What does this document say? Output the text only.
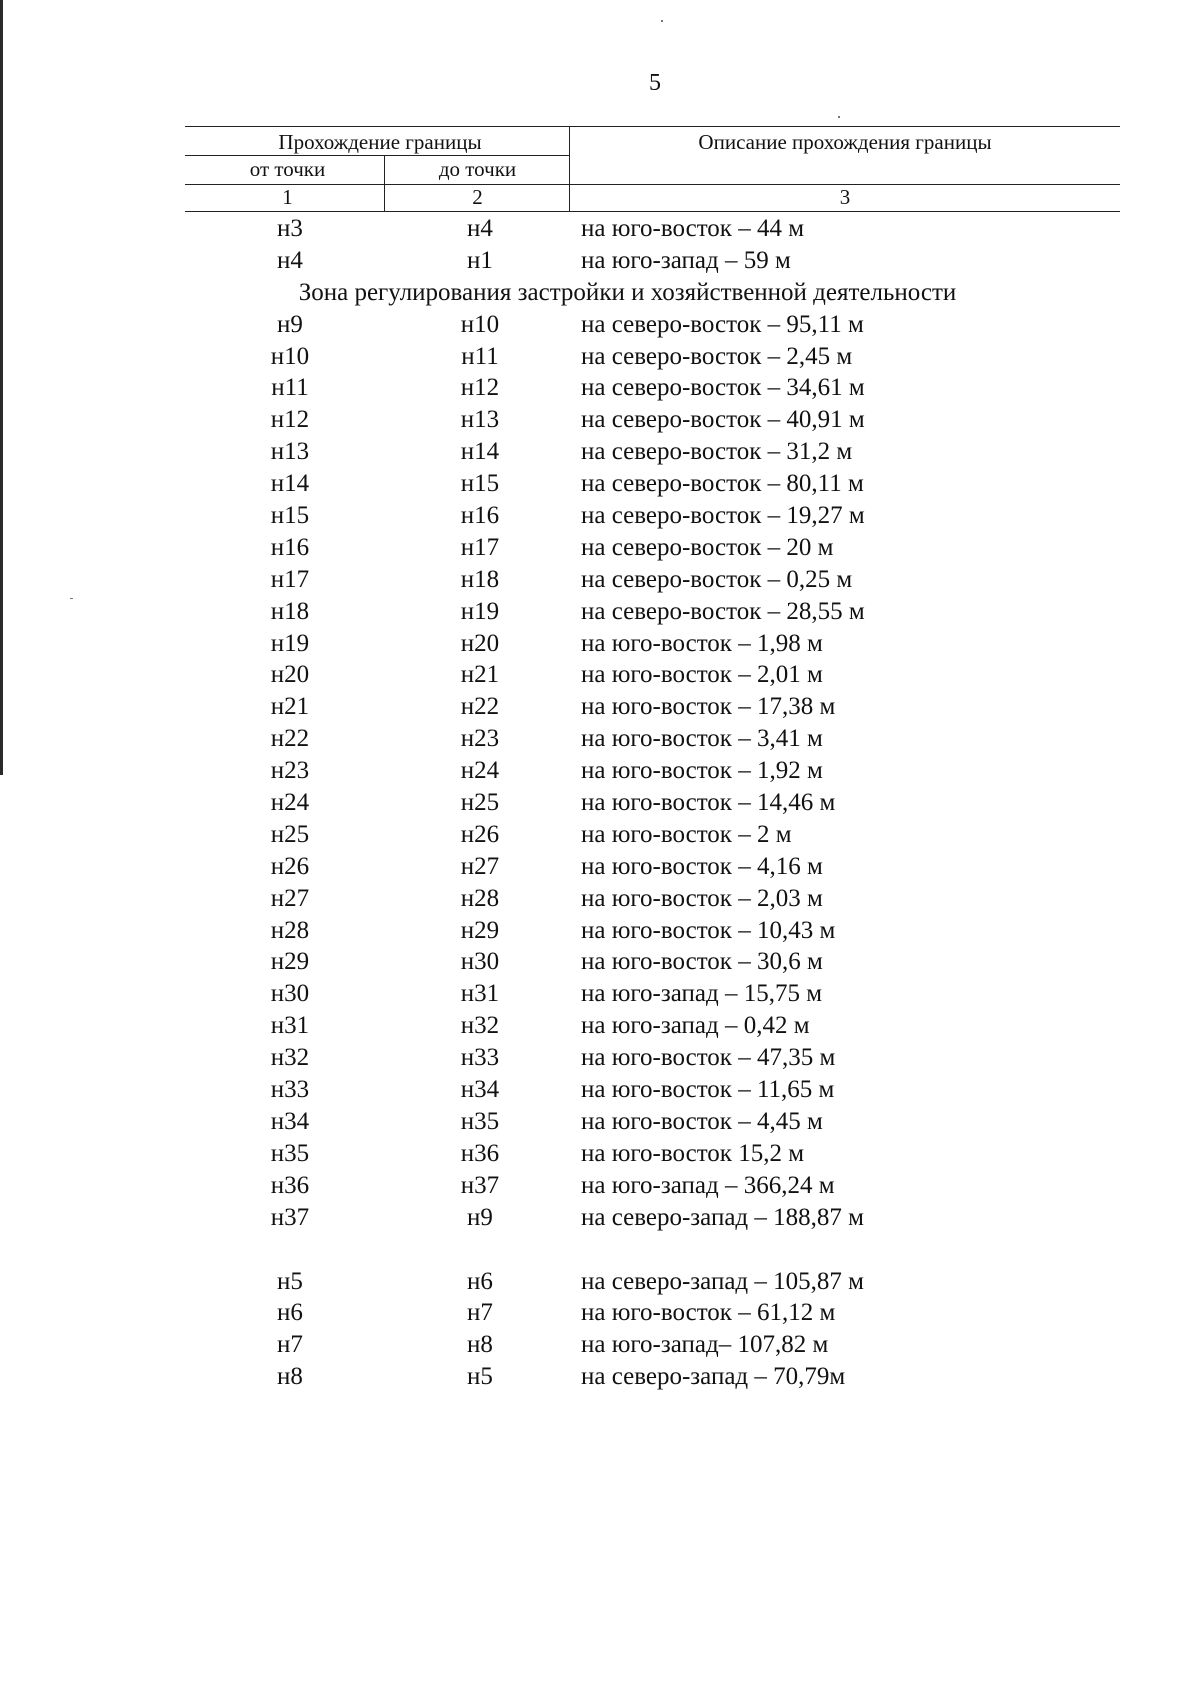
5
Прохождение границы	Описание прохождения границы
от точки	до точки
1	2	3
н3	н4	на юго-восток – 44 м
н4	н1	на юго-запад – 59 м
Зона регулирования застройки и хозяйственной деятельности
н9	н10	на северо-восток – 95,11 м
н10	н11	на северо-восток – 2,45 м
н11	н12	на северо-восток – 34,61 м
н12	н13	на северо-восток – 40,91 м
н13	н14	на северо-восток – 31,2 м
н14	н15	на северо-восток – 80,11 м
н15	н16	на северо-восток – 19,27 м
н16	н17	на северо-восток – 20 м
н17	н18	на северо-восток – 0,25 м
н18	н19	на северо-восток – 28,55 м
н19	н20	на юго-восток – 1,98 м
н20	н21	на юго-восток – 2,01 м
н21	н22	на юго-восток – 17,38 м
н22	н23	на юго-восток – 3,41 м
н23	н24	на юго-восток – 1,92 м
н24	н25	на юго-восток – 14,46 м
н25	н26	на юго-восток – 2 м
н26	н27	на юго-восток – 4,16 м
н27	н28	на юго-восток – 2,03 м
н28	н29	на юго-восток – 10,43 м
н29	н30	на юго-восток – 30,6 м
н30	н31	на юго-запад – 15,75 м
н31	н32	на юго-запад – 0,42 м
н32	н33	на юго-восток – 47,35 м
н33	н34	на юго-восток – 11,65 м
н34	н35	на юго-восток – 4,45 м
н35	н36	на юго-восток 15,2 м
н36	н37	на юго-запад – 366,24 м
н37	н9	на северо-запад – 188,87 м
н5	н6	на северо-запад – 105,87 м
н6	н7	на юго-восток – 61,12 м
н7	н8	на юго-запад– 107,82 м
н8	н5	на северо-запад – 70,79м
